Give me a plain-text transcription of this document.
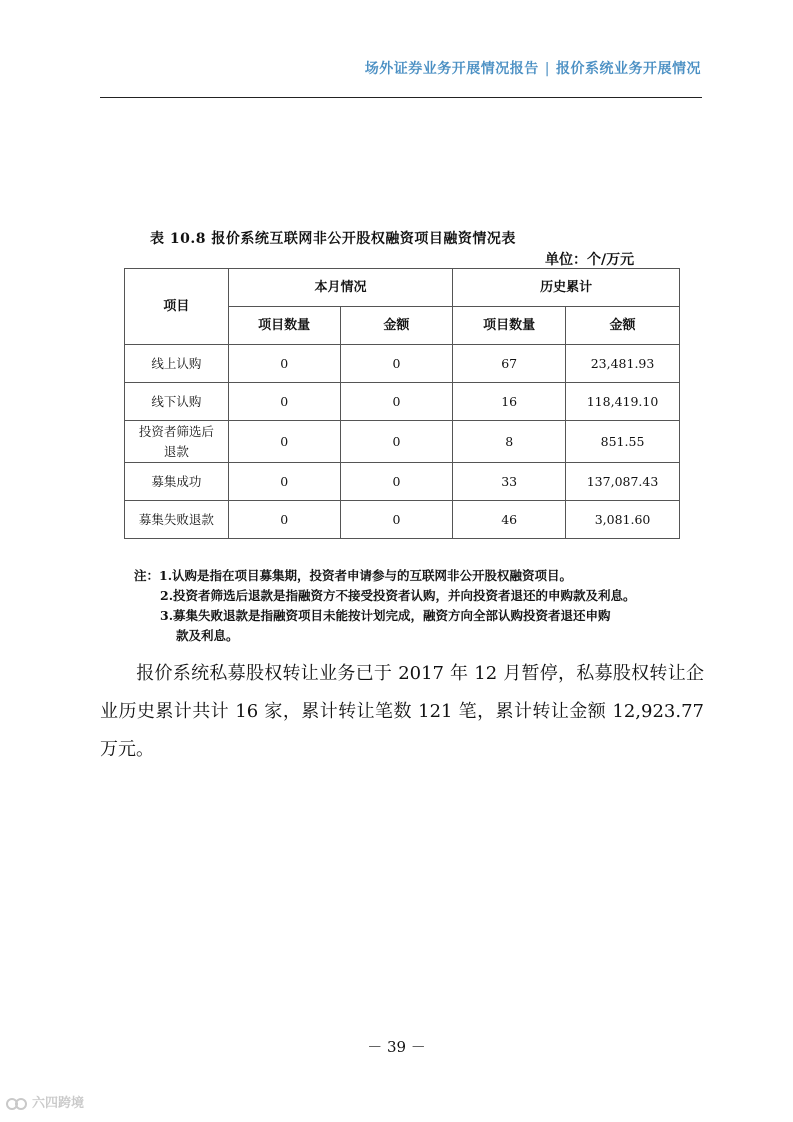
场外证券业务开展情况报告 | 报价系统业务开展情况
表 10.8 报价系统互联网非公开股权融资项目融资情况表
单位：个/万元
项目	本月情况		历史累计	
	项目数量	金额	项目数量	金额
线上认购	0	0	67	23,481.93
线下认购	0	0	16	118,419.10
投资者筛选后退款	0	0	8	851.55
募集成功	0	0	33	137,087.43
募集失败退款	0	0	46	3,081.60
注：1.认购是指在项目募集期，投资者申请参与的互联网非公开股权融资项目。
2.投资者筛选后退款是指融资方不接受投资者认购，并向投资者退还的申购款及利息。
3.募集失败退款是指融资项目未能按计划完成，融资方向全部认购投资者退还申购
款及利息。
报价系统私募股权转让业务已于 2017 年 12 月暂停，私募股权转让企业历史累计共计 16 家，累计转让笔数 121 笔，累计转让金额 12,923.77 万元。
－ 39 －
六四跨境
